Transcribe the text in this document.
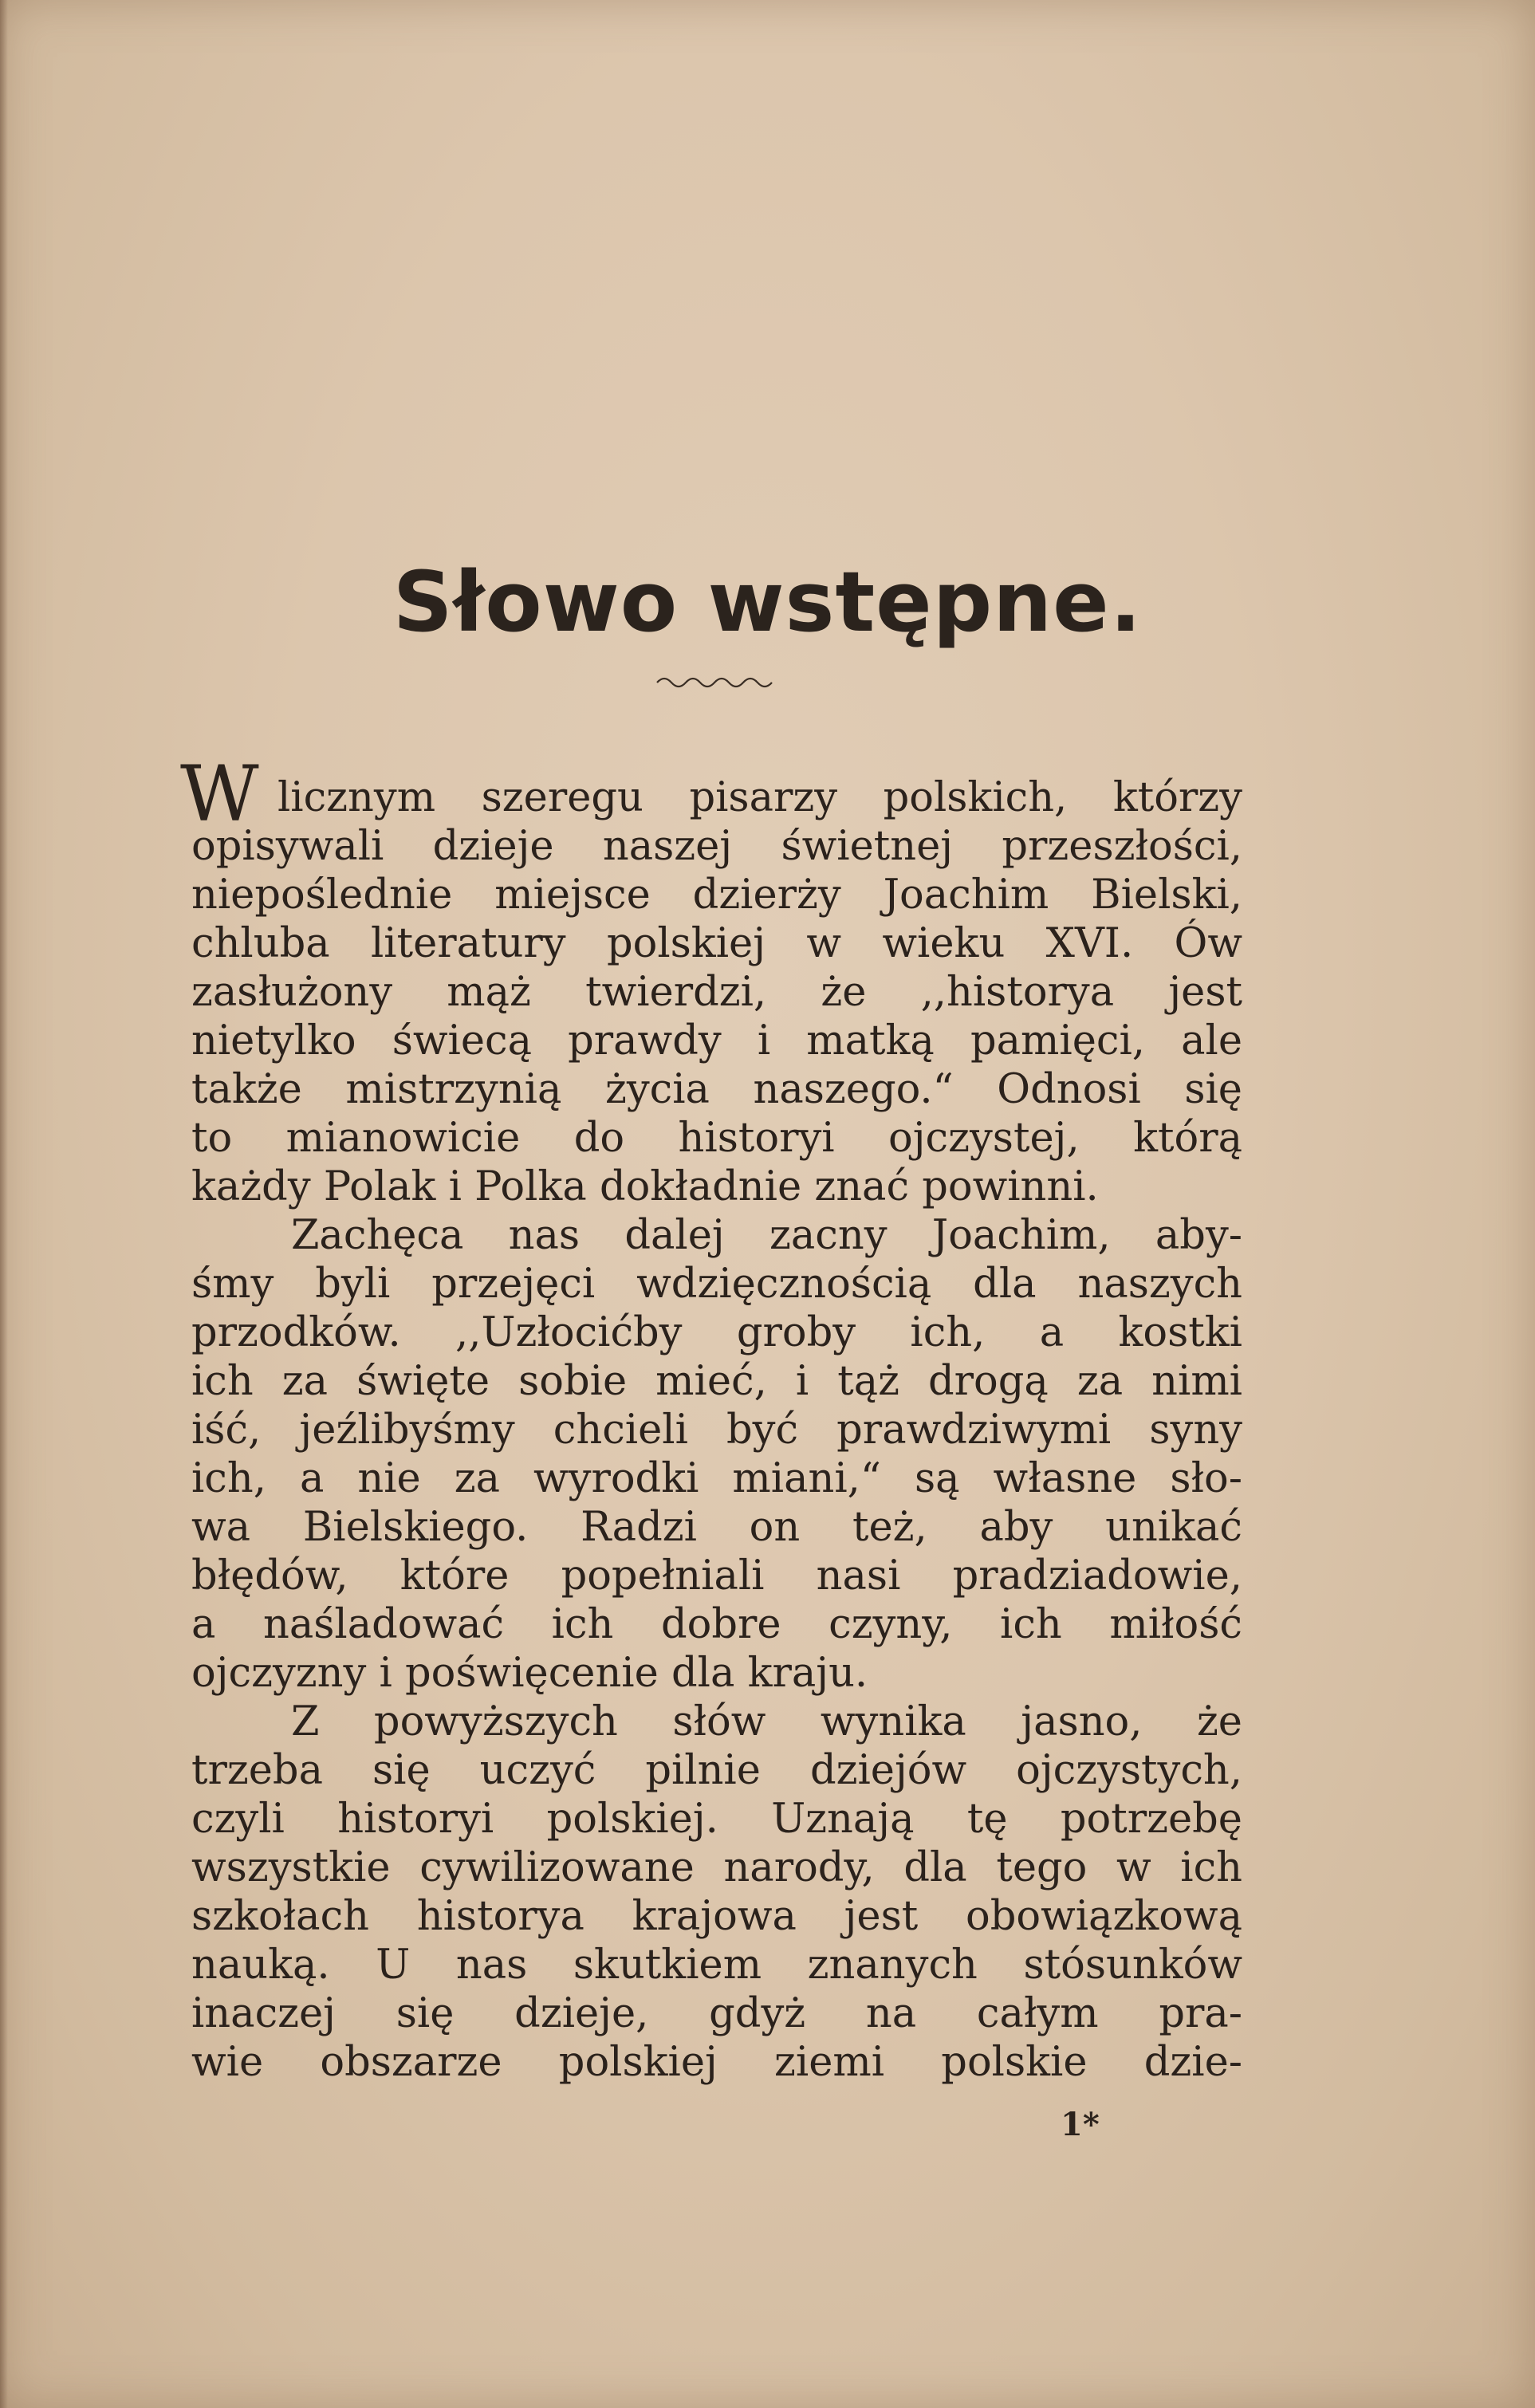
Słowo wstępne.
W licznym szeregu pisarzy polskich, którzy
opisywali dzieje naszej świetnej przeszłości,
niepoślednie miejsce dzierży Joachim Bielski,
chluba literatury polskiej w wieku XVI. Ów
zasłużony mąż twierdzi, że ,,historya jest
nietylko świecą prawdy i matką pamięci, ale
także mistrzynią życia naszego.“ Odnosi się
to mianowicie do historyi ojczystej, którą
każdy Polak i Polka dokładnie znać powinni.
Zachęca nas dalej zacny Joachim, aby-
śmy byli przejęci wdzięcznością dla naszych
przodków. ,,Uzłocićby groby ich, a kostki
ich za święte sobie mieć, i tąż drogą za nimi
iść, jeźlibyśmy chcieli być prawdziwymi syny
ich, a nie za wyrodki miani,“ są własne sło-
wa Bielskiego. Radzi on też, aby unikać
błędów, które popełniali nasi pradziadowie,
a naśladować ich dobre czyny, ich miłość
ojczyzny i poświęcenie dla kraju.
Z powyższych słów wynika jasno, że
trzeba się uczyć pilnie dziejów ojczystych,
czyli historyi polskiej. Uznają tę potrzebę
wszystkie cywilizowane narody, dla tego w ich
szkołach historya krajowa jest obowiązkową
nauką. U nas skutkiem znanych stósunków
inaczej się dzieje, gdyż na całym pra-
wie obszarze polskiej ziemi polskie dzie-
1*
